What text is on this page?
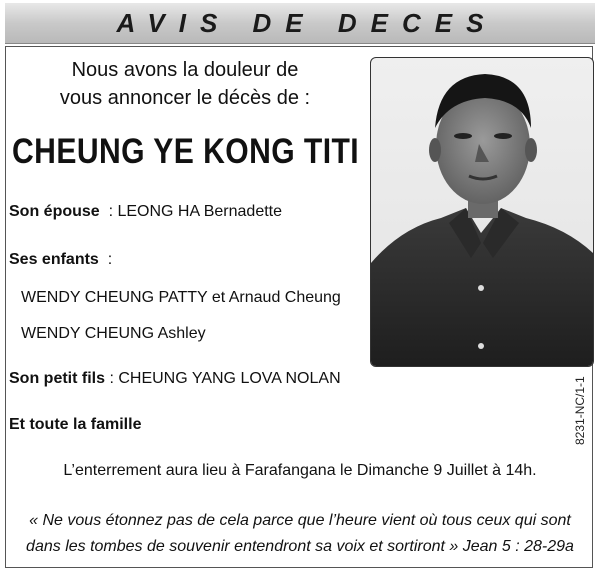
AVIS DE DECES
Nous avons la douleur de
vous annoncer le décès de :
CHEUNG YE KONG TITI
Son épouse  : LEONG HA Bernadette
Ses enfants  :
WENDY CHEUNG PATTY et Arnaud Cheung
WENDY CHEUNG Ashley
Son petit fils : CHEUNG YANG LOVA NOLAN
Et toute la famille	8231-NC/1-1
L’enterrement aura lieu à Farafangana le Dimanche 9 Juillet à 14h.
« Ne vous étonnez pas de cela parce que l’heure vient où tous ceux qui sont
dans les tombes de souvenir entendront sa voix et sortiront » Jean 5 : 28-29a
